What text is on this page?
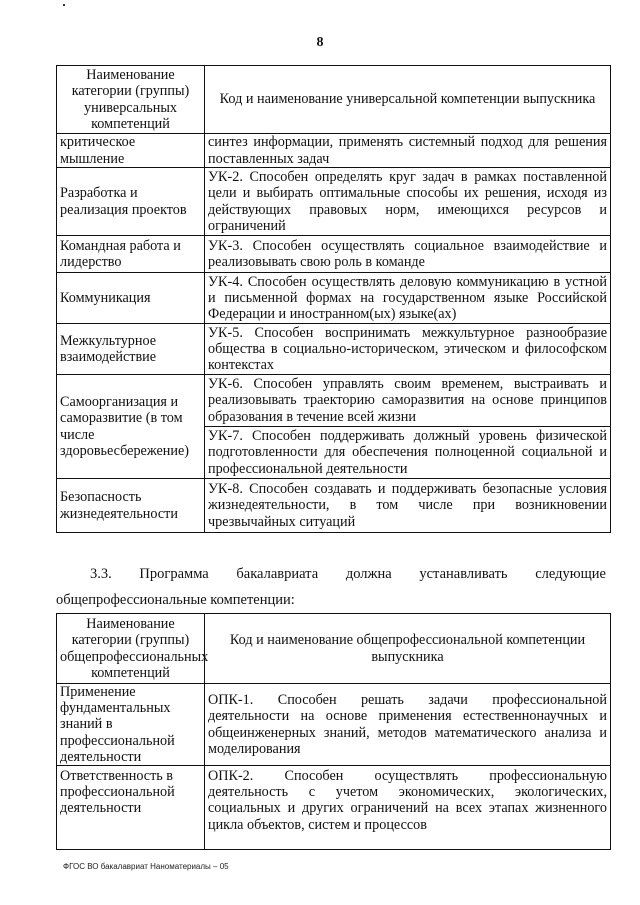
8
Наименование категории (группы) универсальных компетенций	Код и наименование универсальной компетенции выпускника
критическое мышление	синтез информации, применять системный подход для решения поставленных задач
Разработка и реализация проектов	УК-2. Способен определять круг задач в рамках поставленной цели и выбирать оптимальные способы их решения, исходя из действующих правовых норм, имеющихся ресурсов и ограничений
Командная работа и лидерство	УК-3. Способен осуществлять социальное взаимодействие и реализовывать свою роль в команде
Коммуникация	УК-4. Способен осуществлять деловую коммуникацию в устной и письменной формах на государственном языке Российской Федерации и иностранном(ых) языке(ах)
Межкультурное взаимодействие	УК-5. Способен воспринимать межкультурное разнообразие общества в социально-историческом, этическом и философском контекстах
Самоорганизация и саморазвитие (в том числе здоровьесбережение)	УК-6. Способен управлять своим временем, выстраивать и реализовывать траекторию саморазвития на основе принципов образования в течение всей жизни
	УК-7. Способен поддерживать должный уровень физической подготовленности для обеспечения полноценной социальной и профессиональной деятельности
Безопасность жизнедеятельности	УК-8. Способен создавать и поддерживать безопасные условия жизнедеятельности, в том числе при возникновении чрезвычайных ситуаций
3.3. Программа бакалавриата должна устанавливать следующие
общепрофессиональные компетенции:
Наименование категории (группы) общепрофессиональных компетенций	Код и наименование общепрофессиональной компетенции выпускника
Применение фундаментальных знаний в профессиональной деятельности	ОПК-1. Способен решать задачи профессиональной деятельности на основе применения естественнонаучных и общеинженерных знаний, методов математического анализа и моделирования
Ответственность в профессиональной деятельности	ОПК-2. Способен осуществлять профессиональную деятельность с учетом экономических, экологических, социальных и других ограничений на всех этапах жизненного цикла объектов, систем и процессов
ФГОС ВО бакалавриат Наноматериалы – 05
